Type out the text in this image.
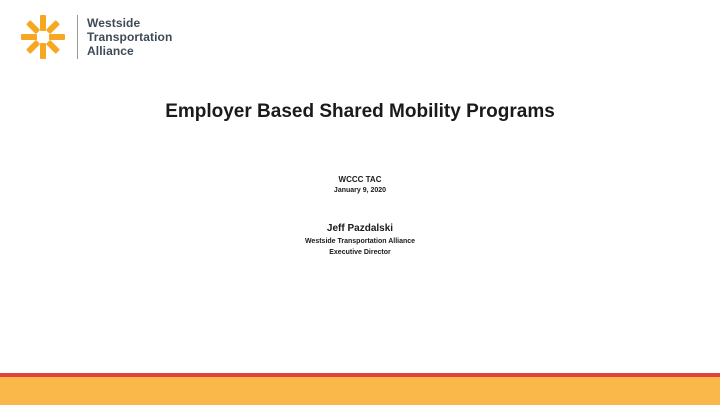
Westside
Transportation
Alliance
Employer Based Shared Mobility Programs
WCCC TAC
January 9, 2020
Jeff Pazdalski
Westside Transportation Alliance
Executive Director
